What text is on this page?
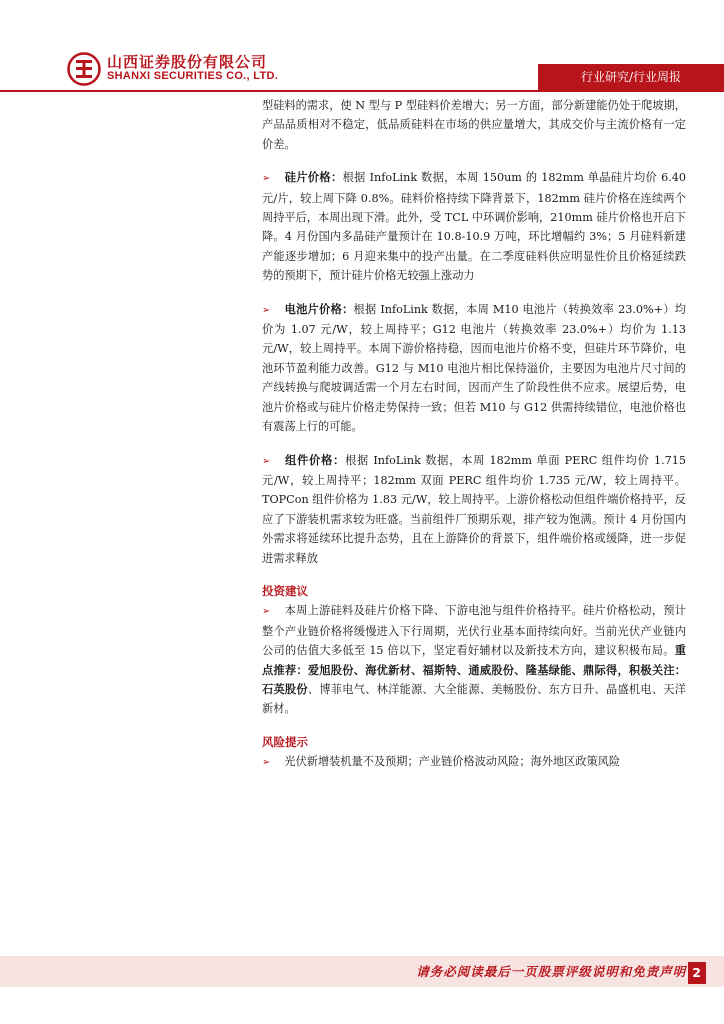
山西证券股份有限公司
SHANXI SECURITIES CO., LTD.	行业研究/行业周报

型硅料的需求，使 N 型与 P 型硅料价差增大；另一方面，部分新建能仍处于爬坡期，产品品质相对不稳定，低品质硅料在市场的供应量增大，其成交价与主流价格有一定价差。

➢ 硅片价格：根据 InfoLink 数据，本周 150um 的 182mm 单晶硅片均价 6.40 元/片，较上周下降 0.8%。硅料价格持续下降背景下，182mm 硅片价格在连续两个周持平后，本周出现下滑。此外，受 TCL 中环调价影响，210mm 硅片价格也开启下降。4 月份国内多晶硅产量预计在 10.8-10.9 万吨，环比增幅约 3%；5 月硅料新建产能逐步增加；6 月迎来集中的投产出量。在二季度硅料供应明显性价且价格延续跌势的预期下，预计硅片价格无较强上涨动力

➢ 电池片价格：根据 InfoLink 数据，本周 M10 电池片（转换效率 23.0%+）均价为 1.07 元/W，较上周持平；G12 电池片（转换效率 23.0%+）均价为 1.13 元/W，较上周持平。本周下游价格持稳，因而电池片价格不变，但硅片环节降价，电池环节盈利能力改善。G12 与 M10 电池片相比保持溢价，主要因为电池片尺寸间的产线转换与爬坡调适需一个月左右时间，因而产生了阶段性供不应求。展望后势，电池片价格或与硅片价格走势保持一致；但若 M10 与 G12 供需持续错位，电池价格也有震荡上行的可能。

➢ 组件价格：根据 InfoLink 数据，本周 182mm 单面 PERC 组件均价 1.715 元/W，较上周持平；182mm 双面 PERC 组件均价 1.735 元/W，较上周持平。TOPCon 组件价格为 1.83 元/W，较上周持平。上游价格松动但组件端价格持平，反应了下游装机需求较为旺盛。当前组件厂预期乐观，排产较为饱满。预计 4 月份国内外需求将延续环比提升态势，且在上游降价的背景下，组件端价格或缓降，进一步促进需求释放

投资建议

➢ 本周上游硅料及硅片价格下降、下游电池与组件价格持平。硅片价格松动，预计整个产业链价格将缓慢进入下行周期，光伏行业基本面持续向好。当前光伏产业链内公司的估值大多低至 15 倍以下，坚定看好辅材以及新技术方向，建议积极布局。重点推荐：爱旭股份、海优新材、福斯特、通威股份、隆基绿能、鼎际得，积极关注：石英股份、博菲电气、林洋能源、大全能源、美畅股份、东方日升、晶盛机电、天洋新材。

风险提示

➢ 光伏新增装机量不及预期；产业链价格波动风险；海外地区政策风险

请务必阅读最后一页股票评级说明和免责声明 2
